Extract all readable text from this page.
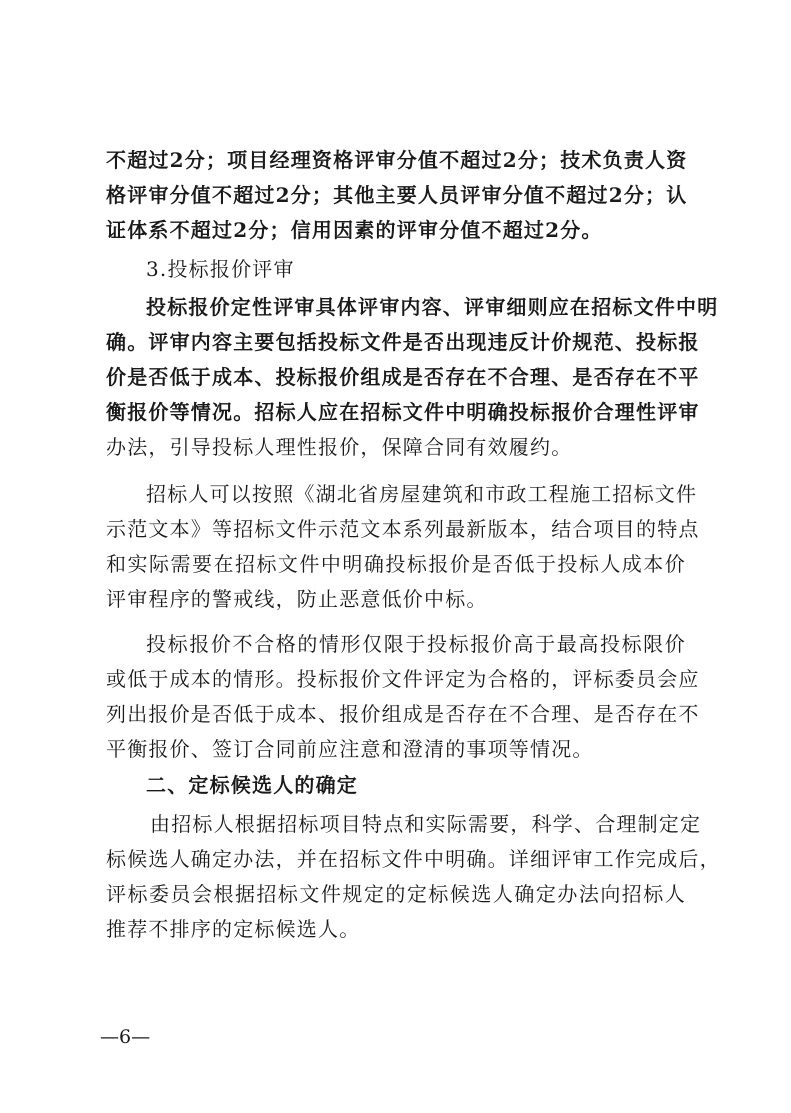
不超过2分；项目经理资格评审分值不超过2分；技术负责人资
格评审分值不超过2分；其他主要人员评审分值不超过2分；认
证体系不超过2分；信用因素的评审分值不超过2分。
3.投标报价评审
投标报价定性评审具体评审内容、评审细则应在招标文件中明
确。评审内容主要包括投标文件是否出现违反计价规范、投标报
价是否低于成本、投标报价组成是否存在不合理、是否存在不平
衡报价等情况。招标人应在招标文件中明确投标报价合理性评审
办法，引导投标人理性报价，保障合同有效履约。
招标人可以按照《湖北省房屋建筑和市政工程施工招标文件
示范文本》等招标文件示范文本系列最新版本，结合项目的特点
和实际需要在招标文件中明确投标报价是否低于投标人成本价
评审程序的警戒线，防止恶意低价中标。
投标报价不合格的情形仅限于投标报价高于最高投标限价
或低于成本的情形。投标报价文件评定为合格的，评标委员会应
列出报价是否低于成本、报价组成是否存在不合理、是否存在不
平衡报价、签订合同前应注意和澄清的事项等情况。
二、定标候选人的确定
由招标人根据招标项目特点和实际需要，科学、合理制定定
标候选人确定办法，并在招标文件中明确。详细评审工作完成后，
评标委员会根据招标文件规定的定标候选人确定办法向招标人
推荐不排序的定标候选人。
—6—
